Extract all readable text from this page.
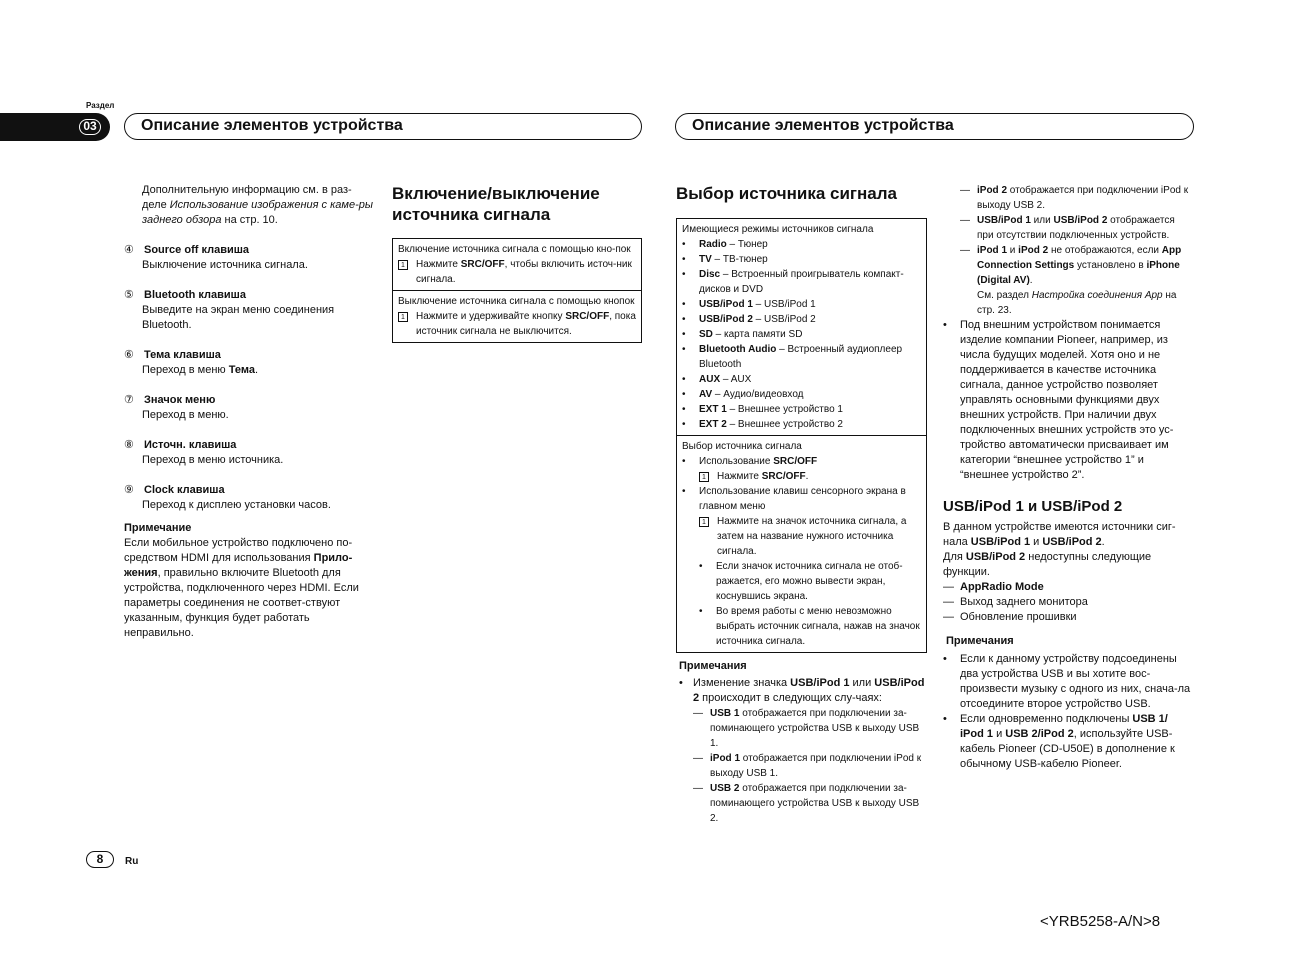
Раздел
03	Описание элементов устройства	Описание элементов устройства

Дополнительную информацию см. в раз-деле Использование изображения с каме-ры заднего обзора на стр. 10.

④ Source off клавиша
Выключение источника сигнала.
⑤ Bluetooth клавиша
Выведите на экран меню соединения Bluetooth.
⑥ Тема клавиша
Переход в меню Тема.
⑦ Значок меню
Переход в меню.
⑧ Источн. клавиша
Переход в меню источника.
⑨ Clock клавиша
Переход к дисплею установки часов.
Примечание

Если мобильное устройство подключено по-средством HDMI для использования Прило-жения, правильно включите Bluetooth для устройства, подключенного через HDMI. Если параметры соединения не соответ-ствуют указанным, функция будет работать неправильно.

Включение/выключение источника сигнала
Включение источника сигнала с помощью кно-пок
1	Нажмите SRC/OFF, чтобы включить источ-ник сигнала.
Выключение источника сигнала с помощью кнопок
1	Нажмите и удерживайте кнопку SRC/OFF, пока источник сигнала не выключится.
Выбор источника сигнала
Имеющиеся режимы источников сигнала
•	Radio – Тюнер
•	TV – ТВ-тюнер
•	Disc – Встроенный проигрыватель компакт-дисков и DVD
•	USB/iPod 1 – USB/iPod 1
•	USB/iPod 2 – USB/iPod 2
•	SD – карта памяти SD
•	Bluetooth Audio – Встроенный аудиоплеер Bluetooth
•	AUX – AUX
•	AV – Аудио/видеовход
•	EXT 1 – Внешнее устройство 1
•	EXT 2 – Внешнее устройство 2
Выбор источника сигнала
•	Использование SRC/OFF
1	Нажмите SRC/OFF.
•	Использование клавиш сенсорного экрана в главном меню
1	Нажмите на значок источника сигнала, а затем на название нужного источника сигнала.
•	Если значок источника сигнала не отоб-ражается, его можно вывести экран, коснувшись экрана.
•	Во время работы с меню невозможно выбрать источник сигнала, нажав на значок источника сигнала.
Примечания
• Изменение значка USB/iPod 1 или USB/iPod 2 происходит в следующих слу-чаях:
— USB 1 отображается при подключении за-поминающего устройства USB к выходу USB 1.
— iPod 1 отображается при подключении iPod к выходу USB 1.
— USB 2 отображается при подключении за-поминающего устройства USB к выходу USB 2.
— iPod 2 отображается при подключении iPod к выходу USB 2.
— USB/iPod 1 или USB/iPod 2 отображается при отсутствии подключенных устройств.
— iPod 1 и iPod 2 не отображаются, если App Connection Settings установлено в iPhone (Digital AV).
См. раздел Настройка соединения App на стр. 23.
•	Под внешним устройством понимается изделие компании Pioneer, например, из числа будущих моделей. Хотя оно и не поддерживается в качестве источника сигнала, данное устройство позволяет управлять основными функциями двух внешних устройств. При наличии двух подключенных внешних устройств это ус-тройство автоматически присваивает им категории “внешнее устройство 1” и “внешнее устройство 2”.
USB/iPod 1 и USB/iPod 2

В данном устройстве имеются источники сиг-нала USB/iPod 1 и USB/iPod 2.

Для USB/iPod 2 недоступны следующие функции.

— AppRadio Mode
— Выход заднего монитора
— Обновление прошивки
Примечания
•	Если к данному устройству подсоединены два устройства USB и вы хотите вос-произвести музыку с одного из них, снача-ла отсоедините второе устройство USB.
•	Если одновременно подключены USB 1/ iPod 1 и USB 2/iPod 2, используйте USB-кабель Pioneer (CD-U50E) в дополнение к обычному USB-кабелю Pioneer.
8	Ru
<YRB5258-A/N>8
